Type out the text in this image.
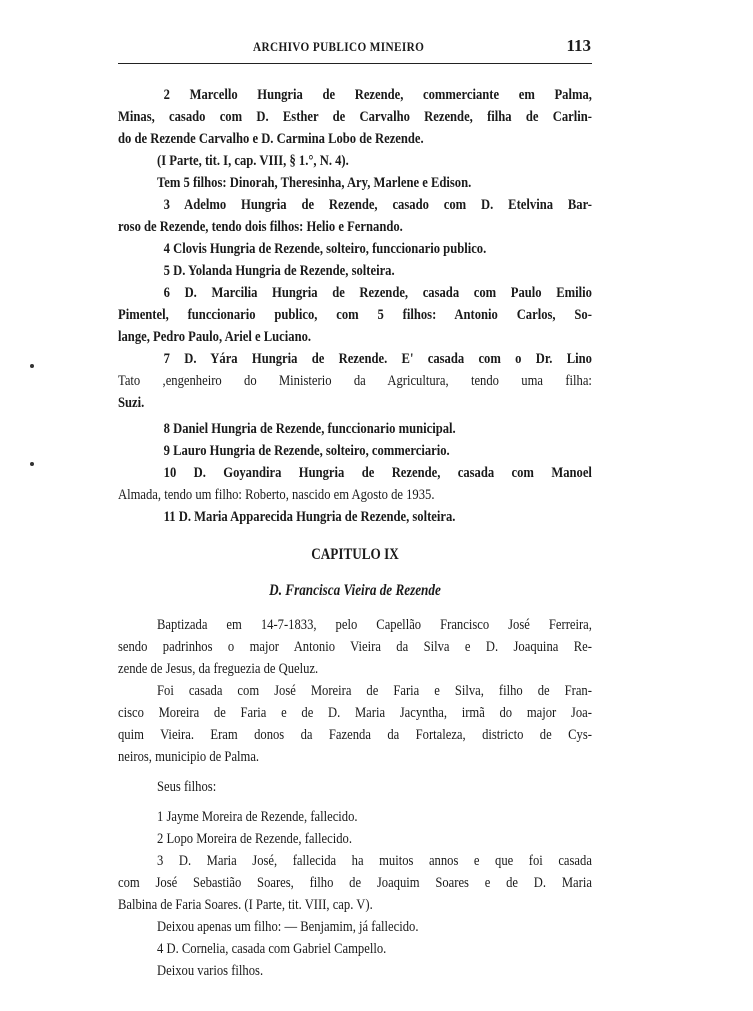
ARCHIVO PUBLICO MINEIRO	113
2 Marcello Hungria de Rezende, commerciante em Palma,
Minas, casado com D. Esther de Carvalho Rezende, filha de Carlin-
do de Rezende Carvalho e D. Carmina Lobo de Rezende.
(I Parte, tit. I, cap. VIII, § 1.°, N. 4).
Tem 5 filhos: Dinorah, Theresinha, Ary, Marlene e Edison.
3 Adelmo Hungria de Rezende, casado com D. Etelvina Bar-
roso de Rezende, tendo dois filhos: Helio e Fernando.
4 Clovis Hungria de Rezende, solteiro, funccionario publico.
5 D. Yolanda Hungria de Rezende, solteira.
6 D. Marcilia Hungria de Rezende, casada com Paulo Emilio
Pimentel, funccionario publico, com 5 filhos: Antonio Carlos, So-
lange, Pedro Paulo, Ariel e Luciano.
7 D. Yára Hungria de Rezende. E' casada com o Dr. Lino
Tato ,engenheiro do Ministerio da Agricultura, tendo uma filha:
Suzi.
8 Daniel Hungria de Rezende, funccionario municipal.
9 Lauro Hungria de Rezende, solteiro, commerciario.
10 D. Goyandira Hungria de Rezende, casada com Manoel
Almada, tendo um filho: Roberto, nascido em Agosto de 1935.
11 D. Maria Apparecida Hungria de Rezende, solteira.
CAPITULO IX
D. Francisca Vieira de Rezende
Baptizada em 14-7-1833, pelo Capellão Francisco José Ferreira,
sendo padrinhos o major Antonio Vieira da Silva e D. Joaquina Re-
zende de Jesus, da freguezia de Queluz.
Foi casada com José Moreira de Faria e Silva, filho de Fran-
cisco Moreira de Faria e de D. Maria Jacyntha, irmã do major Joa-
quim Vieira. Eram donos da Fazenda da Fortaleza, districto de Cys-
neiros, municipio de Palma.
Seus filhos:
1 Jayme Moreira de Rezende, fallecido.
2 Lopo Moreira de Rezende, fallecido.
3 D. Maria José, fallecida ha muitos annos e que foi casada
com José Sebastião Soares, filho de Joaquim Soares e de D. Maria
Balbina de Faria Soares. (I Parte, tit. VIII, cap. V).
Deixou apenas um filho: — Benjamim, já fallecido.
4 D. Cornelia, casada com Gabriel Campello.
Deixou varios filhos.
